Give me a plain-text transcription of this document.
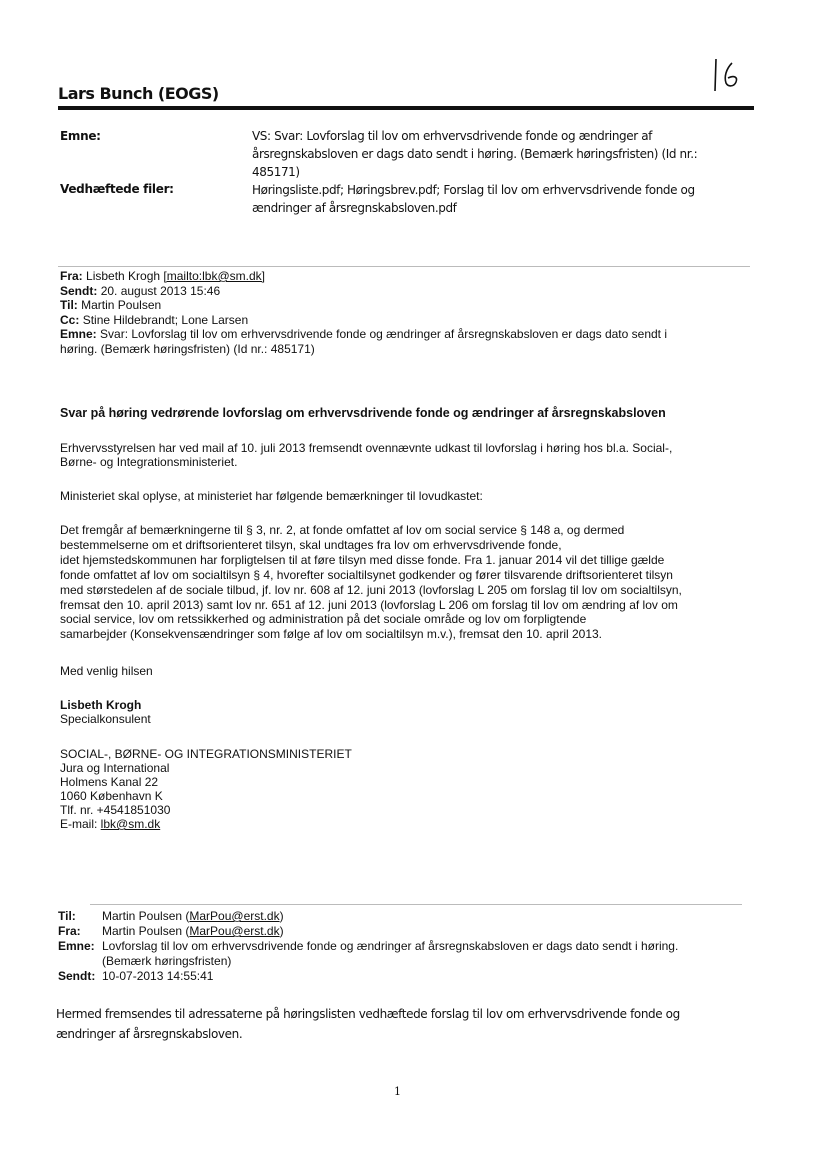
Lars Bunch (EOGS)
Emne:	VS: Svar: Lovforslag til lov om erhvervsdrivende fonde og ændringer af
årsregnskabsloven er dags dato sendt i høring. (Bemærk høringsfristen) (Id nr.:
485171)
Vedhæftede filer:	Høringsliste.pdf; Høringsbrev.pdf; Forslag til lov om erhvervsdrivende fonde og
ændringer af årsregnskabsloven.pdf
Fra: Lisbeth Krogh [mailto:lbk@sm.dk]
Sendt: 20. august 2013 15:46
Til: Martin Poulsen
Cc: Stine Hildebrandt; Lone Larsen
Emne: Svar: Lovforslag til lov om erhvervsdrivende fonde og ændringer af årsregnskabsloven er dags dato sendt i
høring. (Bemærk høringsfristen) (Id nr.: 485171)
Svar på høring vedrørende lovforslag om erhvervsdrivende fonde og ændringer af årsregnskabsloven
Erhvervsstyrelsen har ved mail af 10. juli 2013 fremsendt ovennævnte udkast til lovforslag i høring hos bl.a. Social-,
Børne- og Integrationsministeriet.
Ministeriet skal oplyse, at ministeriet har følgende bemærkninger til lovudkastet:
Det fremgår af bemærkningerne til § 3, nr. 2, at fonde omfattet af lov om social service § 148 a, og dermed
bestemmelserne om et driftsorienteret tilsyn, skal undtages fra lov om erhvervsdrivende fonde,
idet hjemstedskommunen har forpligtelsen til at føre tilsyn med disse fonde. Fra 1. januar 2014 vil det tillige gælde
fonde omfattet af lov om socialtilsyn § 4, hvorefter socialtilsynet godkender og fører tilsvarende driftsorienteret tilsyn
med størstedelen af de sociale tilbud, jf. lov nr. 608 af 12. juni 2013 (lovforslag L 205 om forslag til lov om socialtilsyn,
fremsat den 10. april 2013) samt lov nr. 651 af 12. juni 2013 (lovforslag L 206 om forslag til lov om ændring af lov om
social service, lov om retssikkerhed og administration på det sociale område og lov om forpligtende
samarbejder (Konsekvensændringer som følge af lov om socialtilsyn m.v.), fremsat den 10. april 2013.
Med venlig hilsen
Lisbeth Krogh
Specialkonsulent
SOCIAL-, BØRNE- OG INTEGRATIONSMINISTERIET
Jura og International
Holmens Kanal 22
1060 København K
Tlf. nr. +4541851030
E-mail: lbk@sm.dk
Til: Martin Poulsen (MarPou@erst.dk)
Fra: Martin Poulsen (MarPou@erst.dk)
Emne: Lovforslag til lov om erhvervsdrivende fonde og ændringer af årsregnskabsloven er dags dato sendt i høring.
(Bemærk høringsfristen)
Sendt: 10-07-2013 14:55:41
Hermed fremsendes til adressaterne på høringslisten vedhæftede forslag til lov om erhvervsdrivende fonde og
ændringer af årsregnskabsloven.
1
